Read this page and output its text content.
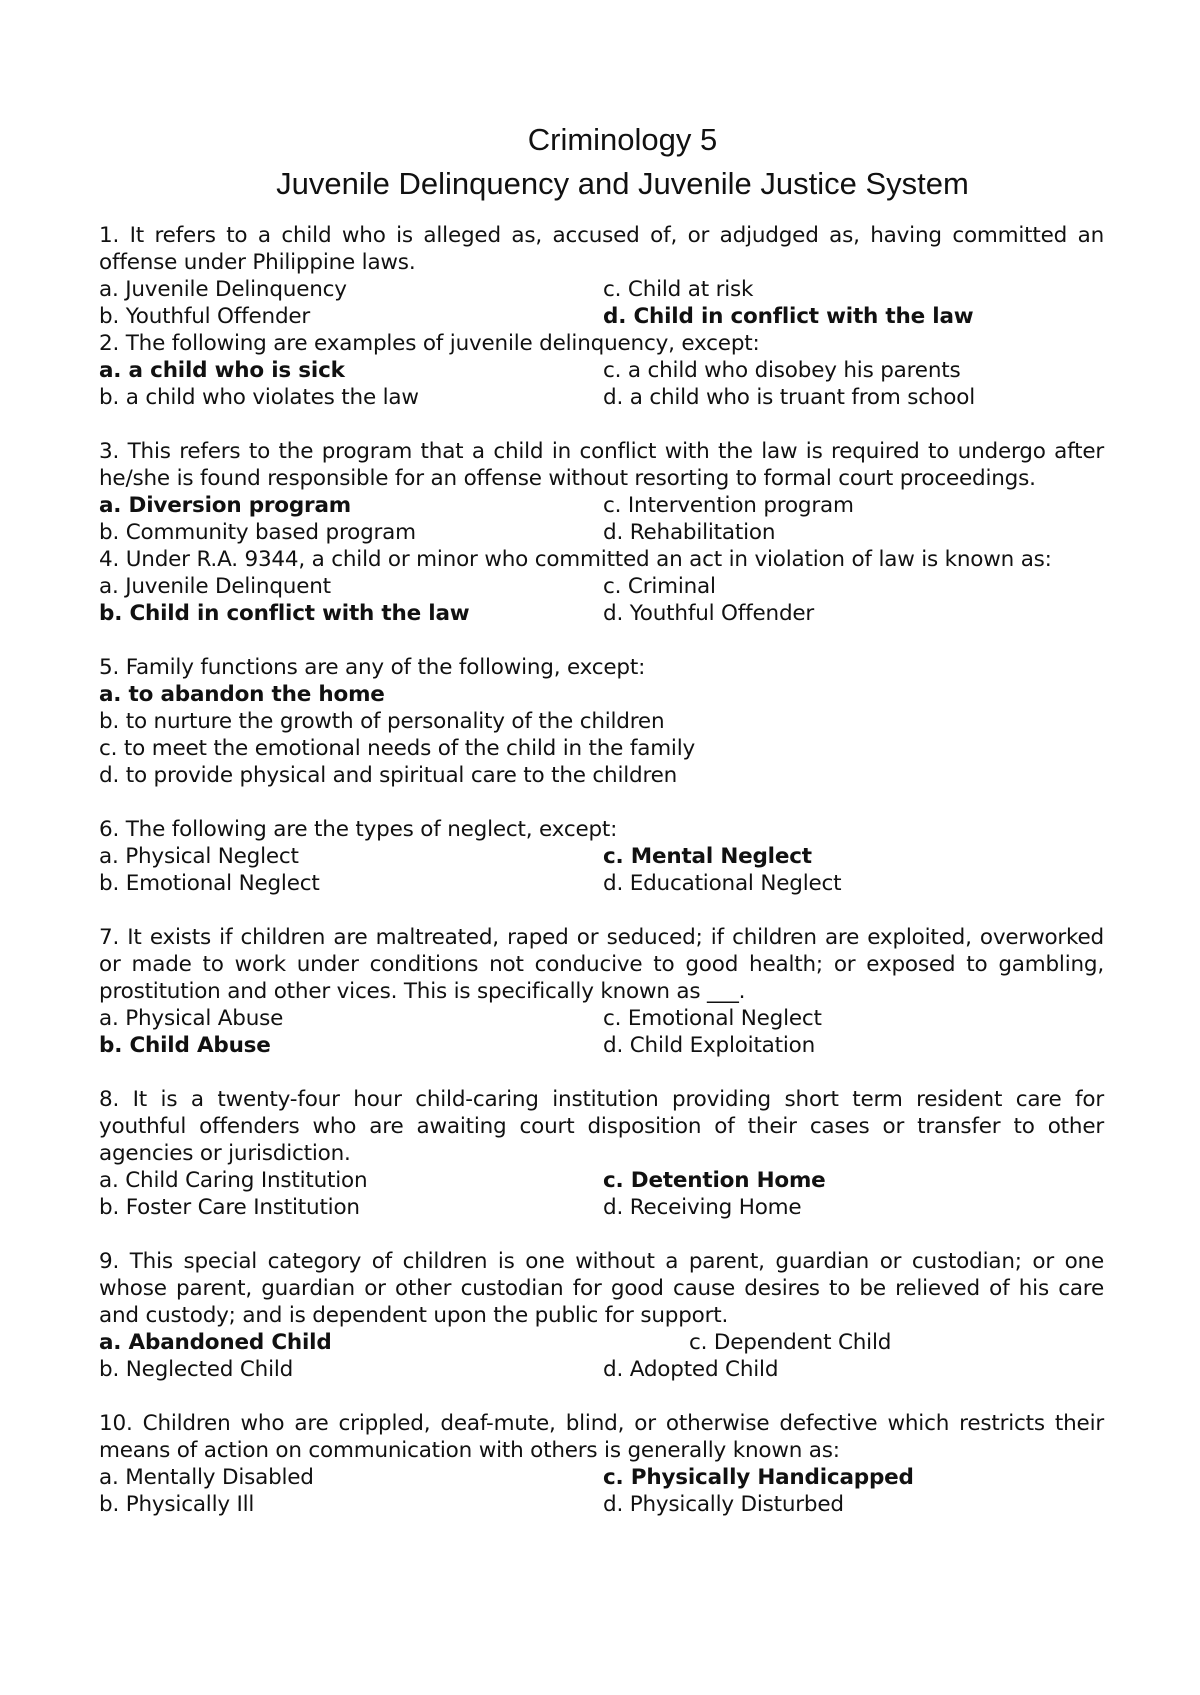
Criminology 5
Juvenile Delinquency and Juvenile Justice System

1. It refers to a child who is alleged as, accused of, or adjudged as, having committed an offense under Philippine laws.

a. Juvenile Delinquency	c. Child at risk
b. Youthful Offender	d. Child in conflict with the law

2. The following are examples of juvenile delinquency, except:

a. a child who is sick	c. a child who disobey his parents
b. a child who violates the law	d. a child who is truant from school

3. This refers to the program that a child in conflict with the law is required to undergo after he/she is found responsible for an offense without resorting to formal court proceedings.

a. Diversion program	c. Intervention program
b. Community based program	d. Rehabilitation

4. Under R.A. 9344, a child or minor who committed an act in violation of law is known as:

a. Juvenile Delinquent	c. Criminal
b. Child in conflict with the law	d. Youthful Offender

5. Family functions are any of the following, except:

a. to abandon the home

b. to nurture the growth of personality of the children

c. to meet the emotional needs of the child in the family

d. to provide physical and spiritual care to the children

6. The following are the types of neglect, except:

a. Physical Neglect	c. Mental Neglect
b. Emotional Neglect	d. Educational Neglect

7. It exists if children are maltreated, raped or seduced; if children are exploited, overworked or made to work under conditions not conducive to good health; or exposed to gambling, prostitution and other vices. This is specifically known as ___.

a. Physical Abuse	c. Emotional Neglect
b. Child Abuse	d. Child Exploitation

8. It is a twenty-four hour child-caring institution providing short term resident care for youthful offenders who are awaiting court disposition of their cases or transfer to other agencies or jurisdiction.

a. Child Caring Institution	c. Detention Home
b. Foster Care Institution	d. Receiving Home

9. This special category of children is one without a parent, guardian or custodian; or one whose parent, guardian or other custodian for good cause desires to be relieved of his care and custody; and is dependent upon the public for support.

a. Abandoned Child	c. Dependent Child
b. Neglected Child	d. Adopted Child

10. Children who are crippled, deaf-mute, blind, or otherwise defective which restricts their means of action on communication with others is generally known as:

a. Mentally Disabled	c. Physically Handicapped
b. Physically Ill	d. Physically Disturbed
